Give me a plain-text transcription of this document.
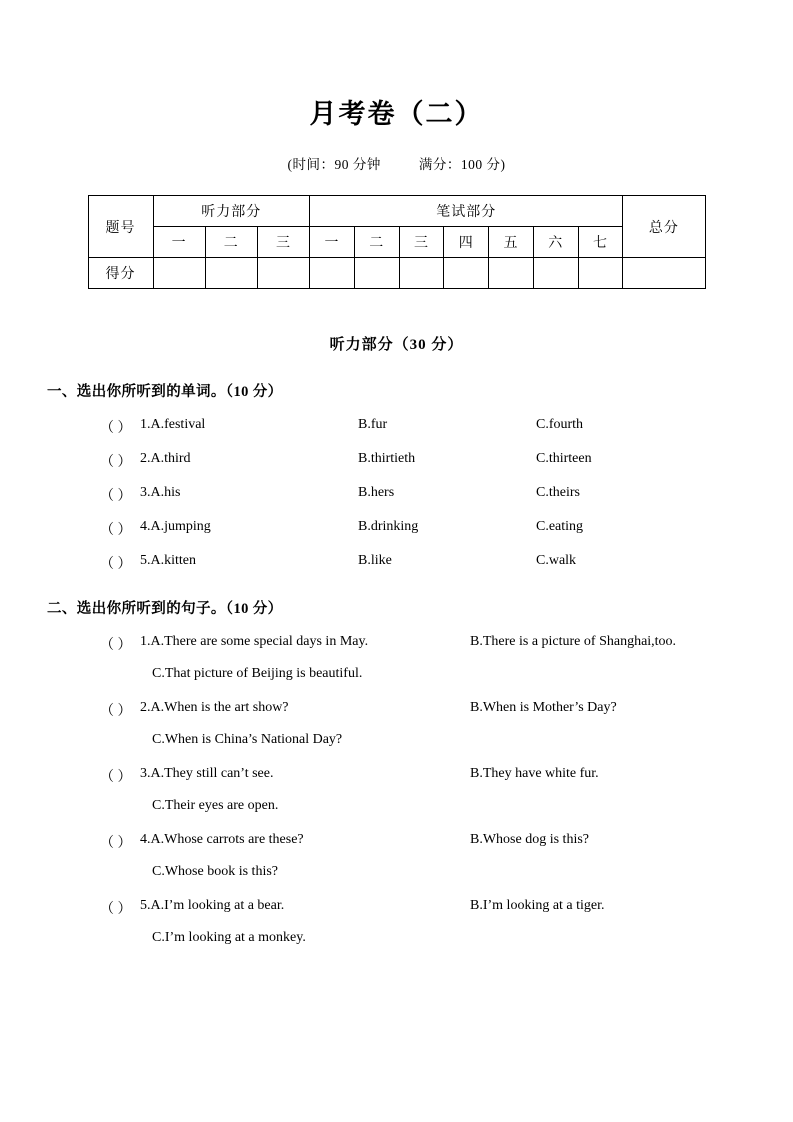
月考卷（二）
(时间：90 分钟	满分：100 分)
题号	听力部分			笔试部分							总分
	一	二	三	一	二	三	四	五	六	七	
得分											
听力部分（30 分）
一、选出你所听到的单词。（10 分）
（ ） 1.A.festival	B.fur	C.fourth
（ ） 2.A.third	B.thirtieth	C.thirteen
（ ） 3.A.his	B.hers	C.theirs
（ ） 4.A.jumping	B.drinking	C.eating
（ ） 5.A.kitten	B.like	C.walk
二、选出你所听到的句子。（10 分）
（ ） 1.A.There are some special days in May.	B.There is a picture of Shanghai,too.
C.That picture of Beijing is beautiful.
（ ） 2.A.When is the art show?	B.When is Mother’s Day?
C.When is China’s National Day?
（ ） 3.A.They still can’t see.	B.They have white fur.
C.Their eyes are open.
（ ） 4.A.Whose carrots are these?	B.Whose dog is this?
C.Whose book is this?
（ ） 5.A.I’m looking at a bear.	B.I’m looking at a tiger.
C.I’m looking at a monkey.
